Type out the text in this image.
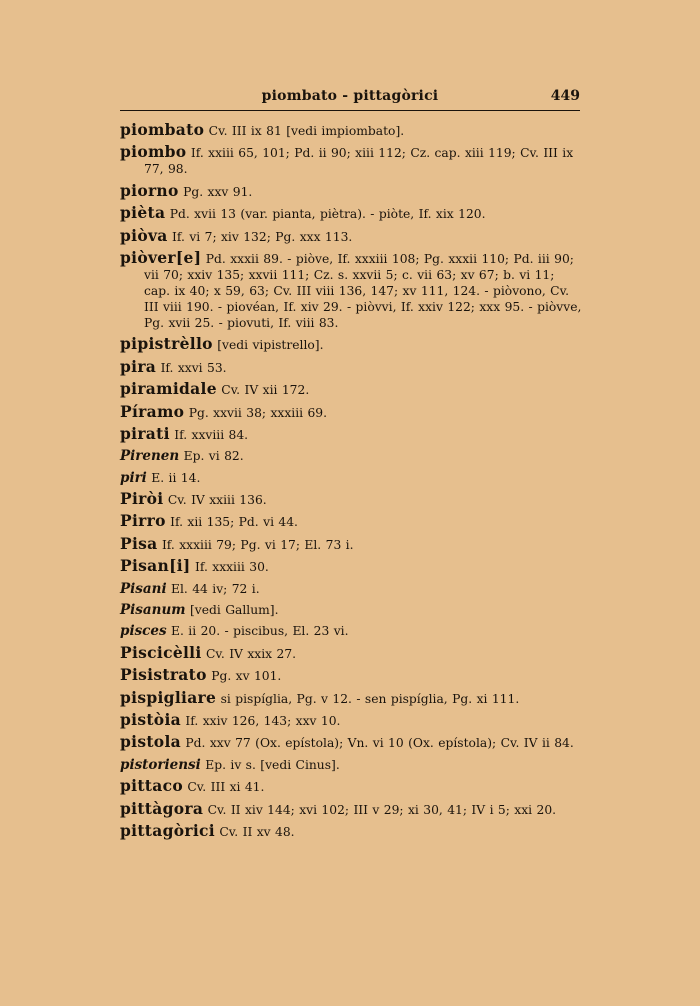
piombato - pittagòrici	449

piombato Cv. III ix 81 [vedi impiombato].

piombo If. xxiii 65, 101; Pd. ii 90; xiii 112; Cz. cap. xiii 119; Cv. III ix 77, 98.

piorno Pg. xxv 91.

pièta Pd. xvii 13 (var. pianta, piètra). - piòte, If. xix 120.

piòva If. vi 7; xiv 132; Pg. xxx 113.

piòver[e] Pd. xxxii 89. - piòve, If. xxxiii 108; Pg. xxxii 110; Pd. iii 90; vii 70; xxiv 135; xxvii 111; Cz. s. xxvii 5; c. vii 63; xv 67; b. vi 11; cap. ix 40; x 59, 63; Cv. III viii 136, 147; xv 111, 124. - piòvono, Cv. III viii 190. - piovéan, If. xiv 29. - piòvvi, If. xxiv 122; xxx 95. - piòvve, Pg. xvii 25. - piovuti, If. viii 83.

pipistrèllo [vedi vipistrello].

pira If. xxvi 53.

piramidale Cv. IV xii 172.

Píramo Pg. xxvii 38; xxxiii 69.

pirati If. xxviii 84.

Pirenen Ep. vi 82.

piri E. ii 14.

Piròi Cv. IV xxiii 136.

Pirro If. xii 135; Pd. vi 44.

Pisa If. xxxiii 79; Pg. vi 17; El. 73 i.

Pisan[i] If. xxxiii 30.

Pisani El. 44 iv; 72 i.

Pisanum [vedi Gallum].

pisces E. ii 20. - piscibus, El. 23 vi.

Piscicèlli Cv. IV xxix 27.

Pisistrato Pg. xv 101.

pispigliare si pispíglia, Pg. v 12. - sen pispíglia, Pg. xi 111.

pistòia If. xxiv 126, 143; xxv 10.

pistola Pd. xxv 77 (Ox. epístola); Vn. vi 10 (Ox. epístola); Cv. IV ii 84.

pistoriensi Ep. iv s. [vedi Cinus].

pittaco Cv. III xi 41.

pittàgora Cv. II xiv 144; xvi 102; III v 29; xi 30, 41; IV i 5; xxi 20.

pittagòrici Cv. II xv 48.
